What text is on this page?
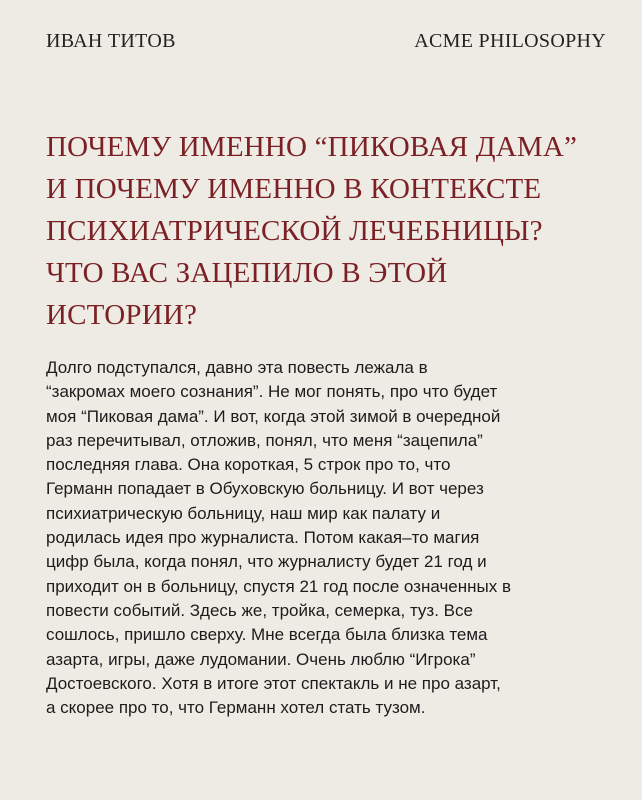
ИВАН ТИТОВ	ACME PHILOSOPHY
ПОЧЕМУ ИМЕННО “ПИКОВАЯ ДАМА”
И ПОЧЕМУ ИМЕННО В КОНТЕКСТЕ
ПСИХИАТРИЧЕСКОЙ ЛЕЧЕБНИЦЫ?
ЧТО ВАС ЗАЦЕПИЛО В ЭТОЙ
ИСТОРИИ?

Долго подступался, давно эта повесть лежала в
“закромах моего сознания”. Не мог понять, про что будет
моя “Пиковая дама”. И вот, когда этой зимой в очередной
раз перечитывал, отложив, понял, что меня “зацепила”
последняя глава. Она короткая, 5 строк про то, что
Германн попадает в Обуховскую больницу. И вот через
психиатрическую больницу, наш мир как палату и
родилась идея про журналиста. Потом какая–то магия
цифр была, когда понял, что журналисту будет 21 год и
приходит он в больницу, спустя 21 год после означенных в
повести событий. Здесь же, тройка, семерка, туз. Все
сошлось, пришло сверху. Мне всегда была близка тема
азарта, игры, даже лудомании. Очень люблю “Игрока”
Достоевского. Хотя в итоге этот спектакль и не про азарт,
а скорее про то, что Германн хотел стать тузом.
